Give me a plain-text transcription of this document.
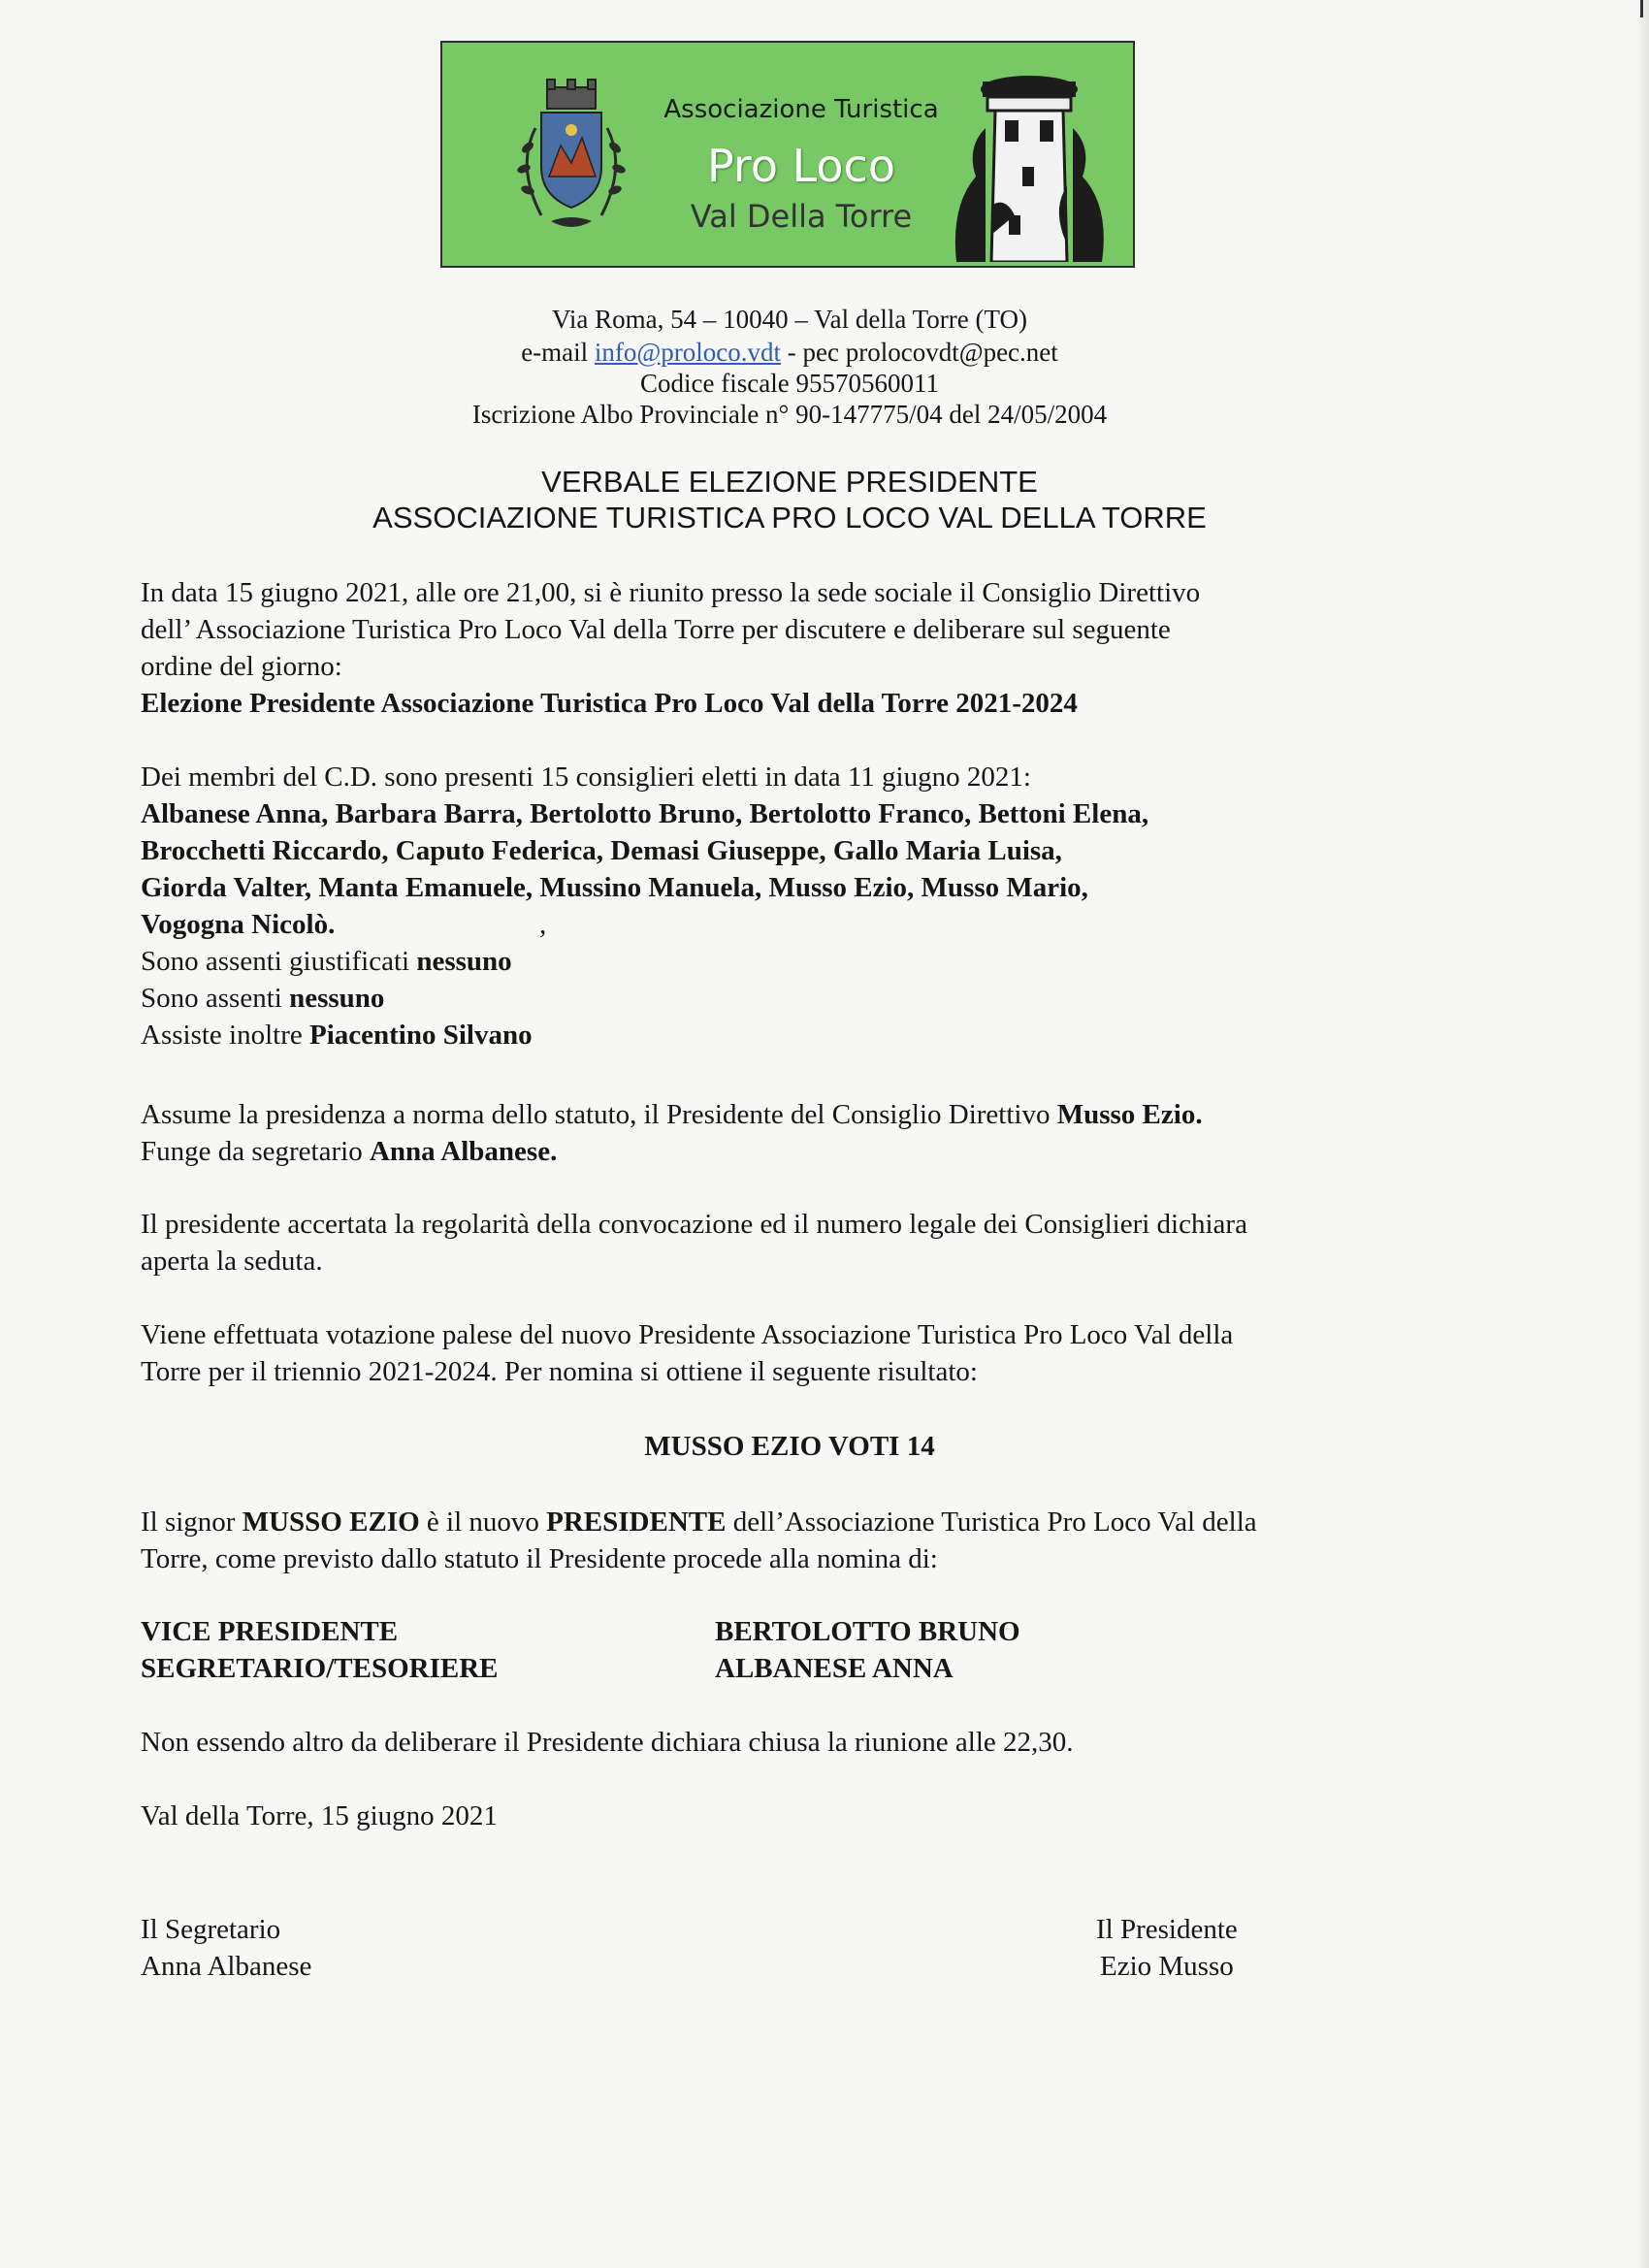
Associazione Turistica
Pro Loco
Val Della Torre
Via Roma, 54 – 10040 – Val della Torre (TO)
e-mail info@proloco.vdt - pec prolocovdt@pec.net
Codice fiscale 95570560011
Iscrizione Albo Provinciale n° 90-147775/04 del 24/05/2004
VERBALE ELEZIONE PRESIDENTE
ASSOCIAZIONE TURISTICA PRO LOCO VAL DELLA TORRE
In data 15 giugno 2021, alle ore 21,00, si è riunito presso la sede sociale il Consiglio Direttivo
dell’ Associazione Turistica Pro Loco Val della Torre per discutere e deliberare sul seguente
ordine del giorno:
Elezione Presidente Associazione Turistica Pro Loco Val della Torre 2021-2024
Dei membri del C.D. sono presenti 15 consiglieri eletti in data 11 giugno 2021:
Albanese Anna, Barbara Barra, Bertolotto Bruno, Bertolotto Franco, Bettoni Elena,
Brocchetti Riccardo, Caputo Federica, Demasi Giuseppe, Gallo Maria Luisa,
Giorda Valter, Manta Emanuele, Mussino Manuela, Musso Ezio, Musso Mario,
Vogogna Nicolò.	,
Sono assenti giustificati nessuno
Sono assenti nessuno
Assiste inoltre Piacentino Silvano
Assume la presidenza a norma dello statuto, il Presidente del Consiglio Direttivo Musso Ezio.
Funge da segretario Anna Albanese.
Il presidente accertata la regolarità della convocazione ed il numero legale dei Consiglieri dichiara
aperta la seduta.
Viene effettuata votazione palese del nuovo Presidente Associazione Turistica Pro Loco Val della
Torre per il triennio 2021-2024. Per nomina si ottiene il seguente risultato:
MUSSO EZIO VOTI 14
Il signor MUSSO EZIO è il nuovo PRESIDENTE dell’Associazione Turistica Pro Loco Val della
Torre, come previsto dallo statuto il Presidente procede alla nomina di:
VICE PRESIDENTE	BERTOLOTTO BRUNO
SEGRETARIO/TESORIERE	ALBANESE ANNA
Non essendo altro da deliberare il Presidente dichiara chiusa la riunione alle 22,30.
Val della Torre, 15 giugno 2021
Il Segretario
Anna Albanese
Il Presidente
Ezio Musso
